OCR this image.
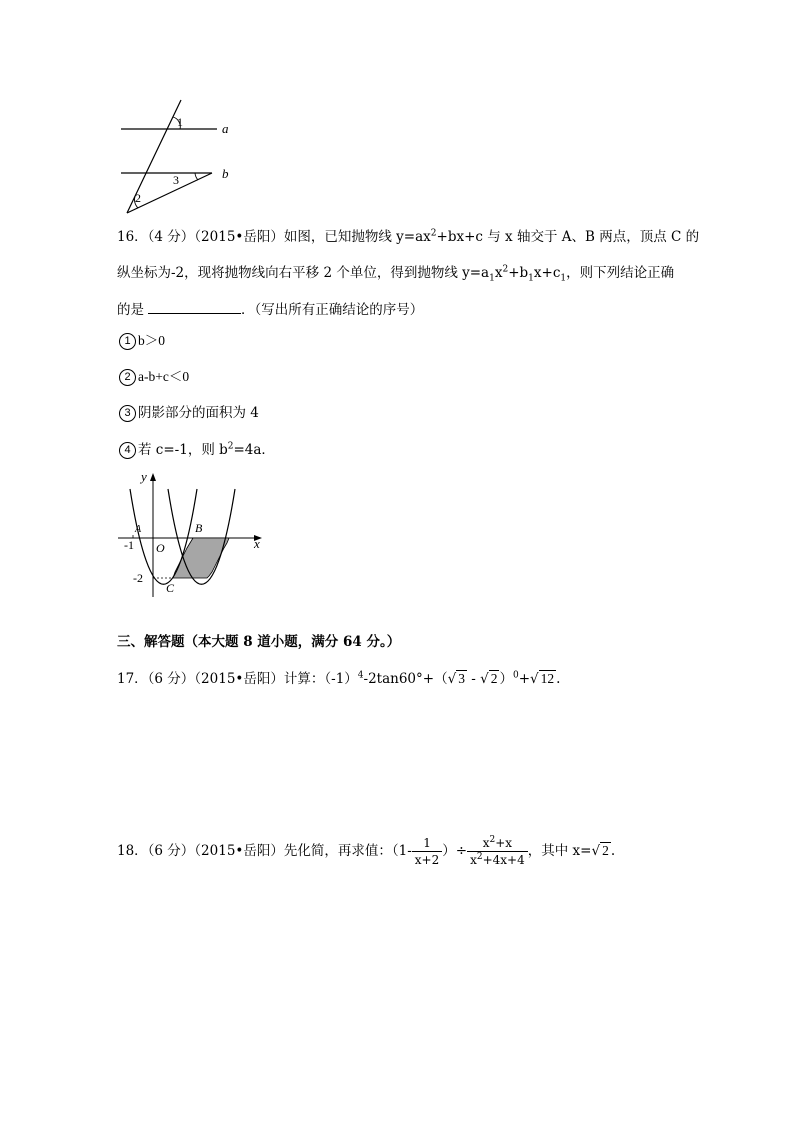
1
3
2
a
b
16．（4 分）（2015•岳阳）如图，已知抛物线 $y=ax^2+bx+c$ 与 x 轴交于 A、B 两点，顶点 C 的
纵坐标为-2，现将抛物线向右平移 2 个单位，得到抛物线 $y=a_1x^2+b_1x+c_1$，则下列结论正确
的是	．（写出所有正确结论的序号）
1 b＞0
2 a-b+c＜0
3 阴影部分的面积为 4
4 若 c=-1，则 $b^2=4a$．
y
x
O
A	B
C
-1
-2
三、解答题（本大题 8 道小题，满分 64 分。）
17．（6 分）（2015•岳阳）计算：$(-1)^4-2\tan 60^\circ+(√$ 3 - √ 2 ）$^0$+√ 12 .
18．（6 分）（2015•岳阳）先化简，再求值：（$1- \frac{1}{x+2}$ ）÷ $\frac{x^2+x}{x^2+4x+4}$ ，其中 x=√ 2 .
